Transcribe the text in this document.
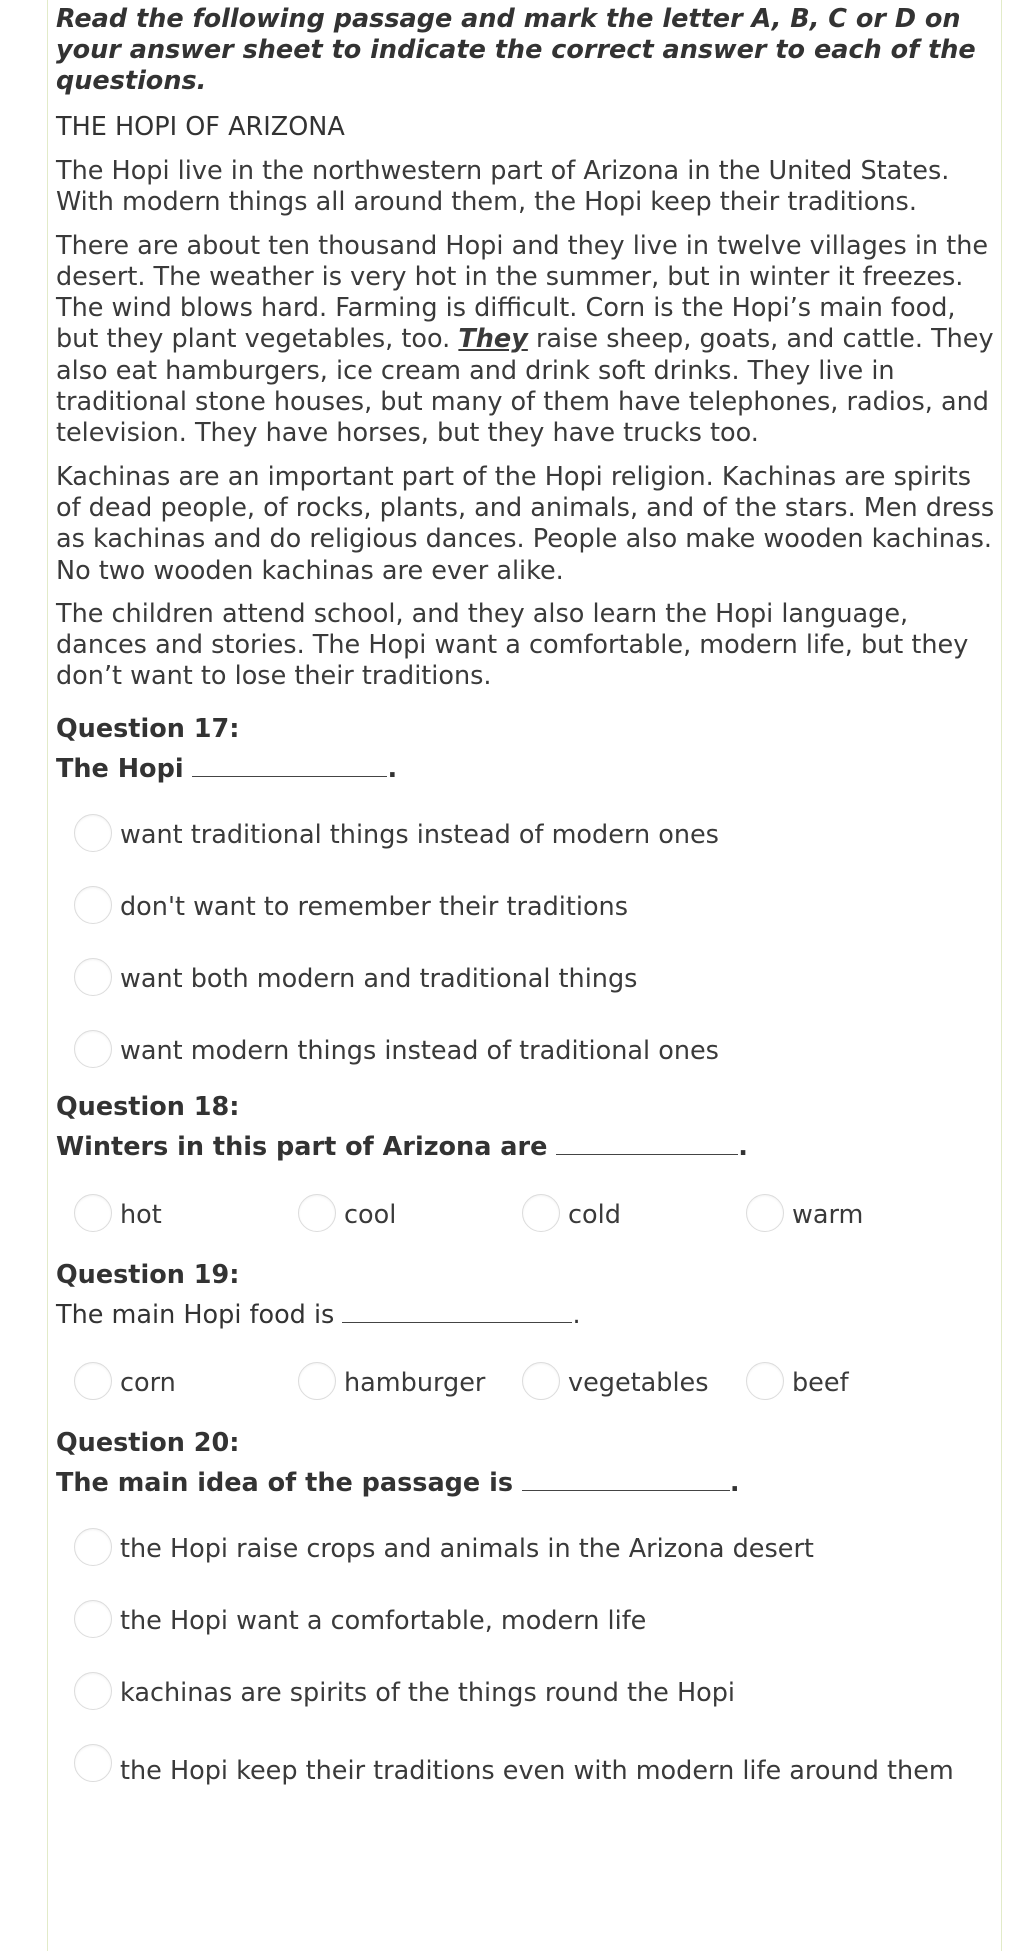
Read the following passage and mark the letter A, B, C or D on your answer sheet to indicate the correct answer to each of the questions.

THE HOPI OF ARIZONA

The Hopi live in the northwestern part of Arizona in the United States. With modern things all around them, the Hopi keep their traditions.

There are about ten thousand Hopi and they live in twelve villages in the desert. The weather is very hot in the summer, but in winter it freezes. The wind blows hard. Farming is difficult. Corn is the Hopi’s main food, but they plant vegetables, too. They raise sheep, goats, and cattle. They also eat hamburgers, ice cream and drink soft drinks. They live in traditional stone houses, but many of them have telephones, radios, and television. They have horses, but they have trucks too.

Kachinas are an important part of the Hopi religion. Kachinas are spirits of dead people, of rocks, plants, and animals, and of the stars. Men dress as kachinas and do religious dances. People also make wooden kachinas. No two wooden kachinas are ever alike.

The children attend school, and they also learn the Hopi language, dances and stories. The Hopi want a comfortable, modern life, but they don’t want to lose their traditions.

Question 17:

The Hopi	.

want traditional things instead of modern ones
don't want to remember their traditions
want both modern and traditional things
want modern things instead of traditional ones

Question 18:

Winters in this part of Arizona are	.

hot	cool	cold	warm

Question 19:

The main Hopi food is	.

corn	hamburger	vegetables	beef

Question 20:

The main idea of the passage is	.

the Hopi raise crops and animals in the Arizona desert
the Hopi want a comfortable, modern life
kachinas are spirits of the things round the Hopi
the Hopi keep their traditions even with modern life around them
